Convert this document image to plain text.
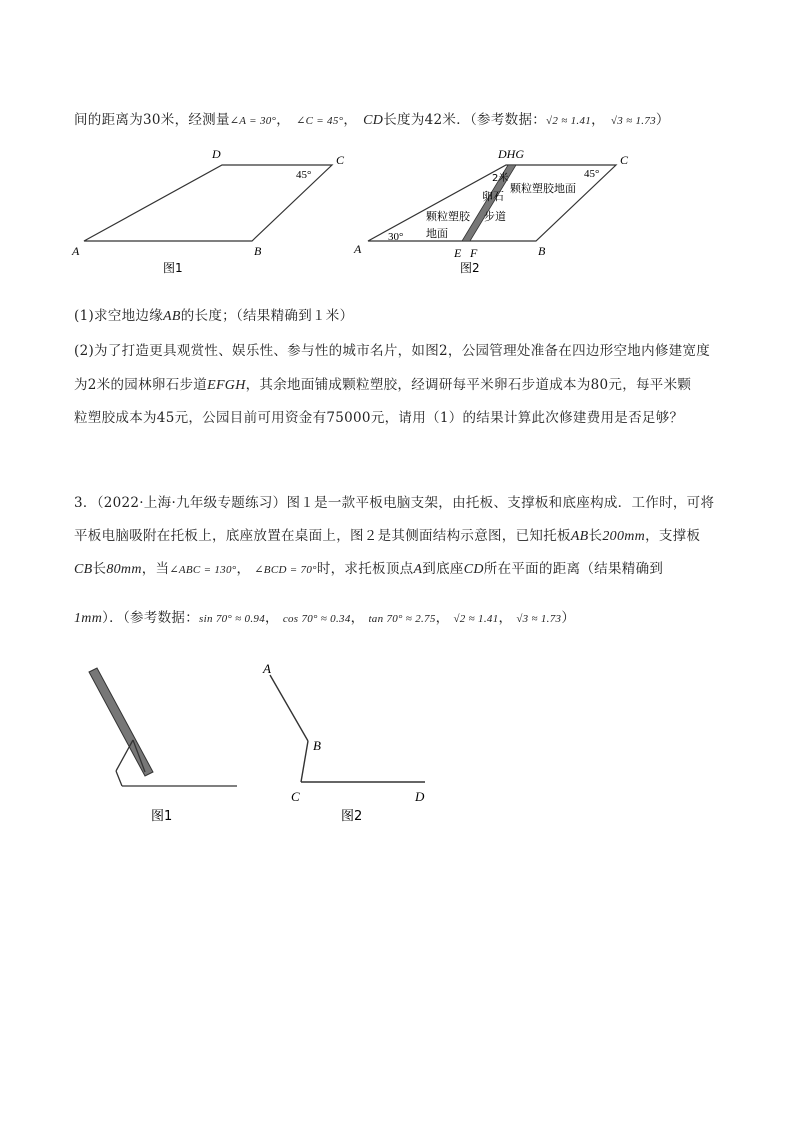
间的距离为30米，经测量∠A = 30°， ∠C = 45°， CD长度为42米．（参考数据：√2 ≈ 1.41， √3 ≈ 1.73）
D	C
A	B
45°
图1
DHG	C
A	B
E F
30°
45°
2米
卵石
步道
颗粒塑胶
地面
颗粒塑胶地面
图2
(1)求空地边缘AB的长度；（结果精确到１米）
(2)为了打造更具观赏性、娱乐性、参与性的城市名片，如图2，公园管理处准备在四边形空地内修建宽度
为2米的园林卵石步道EFGH，其余地面铺成颗粒塑胶，经调研每平米卵石步道成本为80元，每平米颗
粒塑胶成本为45元，公园目前可用资金有75000元，请用（1）的结果计算此次修建费用是否足够？
3．（2022·上海·九年级专题练习）图１是一款平板电脑支架，由托板、支撑板和底座构成．工作时，可将
平板电脑吸附在托板上，底座放置在桌面上，图２是其侧面结构示意图，已知托板AB长200mm，支撑板
CB长80mm，当∠ABC = 130°， ∠BCD = 70°时，求托板顶点A到底座CD所在平面的距离（结果精确到
1mm）．（参考数据：sin 70° ≈ 0.94， cos 70° ≈ 0.34， tan 70° ≈ 2.75， √2 ≈ 1.41， √3 ≈ 1.73）
图1
A
B
C	D
图2
